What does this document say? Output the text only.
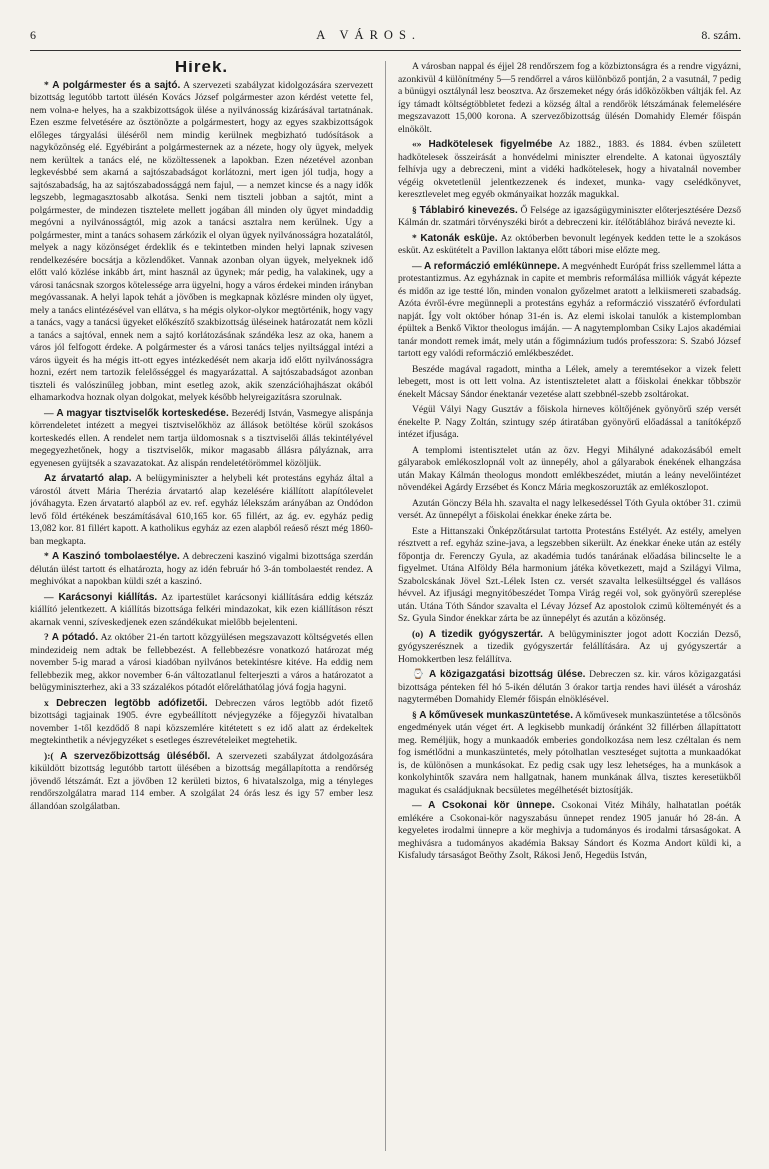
6	A VÁROS.	8. szám.
Hirek.

* A polgármester és a sajtó. A szervezeti szabályzat kidolgozására szervezett bizottság legutóbb tartott ülésén Kovács József polgármester azon kérdést vetette fel, nem volna-e helyes, ha a szakbizottságok ülése a nyilvánosság kizárásával tartatnának. Ezen eszme felvetésére az ösztönözte a polgármestert, hogy az egyes szakbizottságok előleges tárgyalási üléséről nem mindig kerülnek megbizható tudósítások a nagyközönség elé. Egyébiránt a polgármesternek az a nézete, hogy oly ügyek, melyek nem kerültek a tanács elé, ne közöltessenek a lapokban. Ezen nézetével azonban legkevésbbé sem akarná a sajtószabadságot korlátozni, mert igen jól tudja, hogy a sajtószabadság, ha az sajtószabadossággá nem fajul, — a nemzet kincse és a nagy idők legszebb, legmagasztosabb alkotása. Senki nem tiszteli jobban a sajtót, mint a polgármester, de mindezen tisztelete mellett jogában áll minden oly ügyet mindaddig megóvni a nyilvánosságtól, mig azok a tanácsi asztalra nem kerülnek. Ugy a polgármester, mint a tanács sohasem zárkózik el olyan ügyek nyilvánosságra hozatalától, melyek a nagy közönséget érdeklik és e tekintetben minden helyi lapnak szivesen rendelkezésére bocsátja a közlendőket. Vannak azonban olyan ügyek, melyeknek idő előtt való közlése inkább árt, mint használ az ügynek; már pedig, ha valakinek, ugy a városi tanácsnak szorgos kötelessége arra ügyelni, hogy a város érdekei minden irányban megóvassanak. A helyi lapok tehát a jövőben is megkapnak közlésre minden oly ügyet, mely a tanács elintézésével van ellátva, s ha mégis olykor-olykor megtörténik, hogy vagy a tanács, vagy a tanácsi ügyeket előkészítő szakbizottság üléseinek határozatát nem közli a tanács a sajtóval, ennek nem a sajtó korlátozásának szándéka lesz az oka, hanem a város jól felfogott érdeke. A polgármester és a városi tanács teljes nyiltsággal intézi a város ügyeit és ha mégis itt-ott egyes intézkedését nem akarja idő előtt nyilvánosságra hozni, ezért nem tartozik felelősséggel és magyarázattal. A sajtószabadságot azonban tiszteli és valószinűleg jobban, mint esetleg azok, akik szenzációhajhászat okából elhamarkodva hoznak olyan dolgokat, melyek később helyreigazításra szorulnak.

— A magyar tisztviselők korteskedése. Bezerédj István, Vasmegye alispánja körrendeletet intézett a megyei tisztviselőkhöz az állások betöltése körül szokásos korteskedés ellen. A rendelet nem tartja üldomosnak s a tisztviselői állás tekintélyével megegyezhetőnek, hogy a tisztviselők, mikor magasabb állásra pályáznak, arra egyenesen gyüjtsék a szavazatokat. Az alispán rendeletétörömmel közöljük.

Az árvatartó alap. A belügyminiszter a helybeli két protestáns egyház által a várostól átvett Mária Therézia árvatartó alap kezelésére kiállított alapítólevelet jóváhagyta. Ezen árvatartó alapból az ev. ref. egyház lélekszám arányában az Ondódon levő föld értékének beszámításával 610,165 kor. 65 fillért, az ág. ev. egyház pedig 13,082 kor. 81 fillért kapott. A katholikus egyház az ezen alapból reáeső részt még 1860-ban megkapta.

* A Kaszinó tombolaestélye. A debreczeni kaszinó vigalmi bizottsága szerdán délután ülést tartott és elhatározta, hogy az idén február hó 3-án tombolaestét rendez. A meghivókat a napokban küldi szét a kaszinó.

— Karácsonyi kiállítás. Az ipartestület karácsonyi kiállítására eddig kétszáz kiállító jelentkezett. A kiállítás bizottsága felkéri mindazokat, kik ezen kiállításon részt akarnak venni, szíveskedjenek ezen szándékukat mielőbb bejelenteni.

? A pótadó. Az október 21-én tartott közgyülésen megszavazott költségvetés ellen mindezideig nem adtak be fellebbezést. A fellebbezésre vonatkozó határozat még november 5-ig marad a városi kiadóban nyilvános betekintésre kitéve. Ha eddig nem fellebbezik meg, akkor november 6-án változatlanul felterjeszti a város a határozatot a belügyminiszterhez, aki a 33 százalékos pótadót előreláthatólag jóvá fogja hagyni.

x Debreczen legtöbb adófizetői. Debreczen város legtöbb adót fizető bizottsági tagjainak 1905. évre egybeállított névjegyzéke a főjegyzői hivatalban november 1-től kezdődő 8 napi közszemlére kitétetett s ez idő alatt az érdekeltek megtekinthetik a névjegyzéket s esetleges észrevételeiket megtehetik.

):( A szervezőbizottság üléséből. A szervezeti szabályzat átdolgozására kiküldött bizottság legutóbb tartott ülésében a bizottság megállapította a rendőrség jövendő létszámát. Ezt a jövőben 12 kerületi biztos, 6 hivatalszolga, mig a tényleges rendőrszolgálatra marad 114 ember. A szolgálat 24 órás lesz és igy 57 ember lesz állandóan szolgálatban.

A városban nappal és éjjel 28 rendőrszem fog a közbiztonságra és a rendre vigyázni, azonkivül 4 különítmény 5—5 rendőrrel a város különböző pontján, 2 a vasutnál, 7 pedig a bünügyi osztálynál lesz beosztva. Az őrszemeket négy órás időközökben váltják fel. Az így támadt költségtöbbletet fedezi a község által a rendőrök létszámának felemelésére megszavazott 15,000 korona. A szervezőbizottság ülésén Domahidy Elemér főispán elnökölt.

«» Hadkötelesek figyelmébe Az 1882., 1883. és 1884. évben született hadkötelesek összeirását a honvédelmi miniszter elrendelte. A katonai ügyosztály felhívja ugy a debreczeni, mint a vidéki hadkötelesek, hogy a hivatalnál november végéig okvetetlenül jelentkezzenek és indexet, munka- vagy cselédkönyvet, keresztlevelet meg egyéb okmányaikat hozzák magukkal.

§ Táblabiró kinevezés. Ő Felsége az igazságügyminiszter előterjesztésére Dezső Kálmán dr. szatmári törvényszéki birót a debreczeni kir. ítélőtáblához birává nevezte ki.

* Katonák esküje. Az októberben bevonult legények kedden tette le a szokásos esküt. Az eskütételt a Pavillon laktanya előtt tábori mise előzte meg.

— A reformáczió emlékünnepe. A megvénhedt Európát friss szellemmel látta a protestantizmus. Az egyháznak in capite et membris reformálása milliók vágyát képezte és midőn az ige testté lőn, minden vonalon győzelmet aratott a lelkiismereti szabadság. Azóta évről-évre megünnepli a protestáns egyház a reformáczió visszatérő évfordulati napját. Így volt október hónap 31-én is. Az elemi iskolai tanulók a kistemplomban épültek a Benkő Viktor theologus imáján. — A nagytemplomban Csiky Lajos akadémiai tanár mondott remek imát, mely után a főgimnázium tudós professzora: S. Szabó József tartott egy valódi reformáczió emlékbeszédet.

Beszéde magával ragadott, mintha a Lélek, amely a teremtésekor a vizek felett lebegett, most is ott lett volna. Az istentiszteletet alatt a főiskolai énekkar többször énekelt Mácsay Sándor énektanár vezetése alatt szebbnél-szebb zsoltárokat.

Végül Vályi Nagy Gusztáv a főiskola hirneves költőjének gyönyörű szép versét énekelte P. Nagy Zoltán, szintugy szép átiratában gyönyörű előadással a tanítóképző intézet ifjusága.

A templomi istentisztelet után az özv. Hegyi Mihályné adakozásából emelt gályarabok emlékoszlopnál volt az ünnepély, ahol a gályarabok énekének elhangzása után Makay Kálmán theologus mondott emlékbeszédet, miután a leány nevelőintézet növendékei Agárdy Erzsébet és Koncz Mária megkoszoruzták az emlékoszlopot.

Azután Gönczy Béla hh. szavalta el nagy lelkesedéssel Tóth Gyula október 31. czimü versét. Az ünnepélyt a főiskolai énekkar éneke zárta be.

Este a Hittanszaki Önképzőtársulat tartotta Protestáns Estélyét. Az estély, amelyen résztvett a ref. egyház szine-java, a legszebben sikerült. Az énekkar éneke után az estély főpontja dr. Ferenczy Gyula, az akadémia tudós tanárának előadása bilincselte le a figyelmet. Utána Alföldy Béla harmonium játéka következett, majd a Szilágyi Vilma, Szabolcskának Jövel Szt.-Lélek Isten cz. versét szavalta lelkesültséggel és vallásos hévvel. Az ifjusági megnyitóbeszédet Tompa Virág regéi vol, sok gyönyörű szereplése után. Utána Tóth Sándor szavalta el Lévay József Az apostolok czimü költeményét és a Sz. Gyula Sindor énekkar zárta be az ünnepélyt és azután a közönség.

(o) A tizedik gyógyszertár. A belügyminiszter jogot adott Koczián Dezső, gyógyszerésznek a tizedik gyógyszertár felállítására. Az uj gyógyszertár a Homokkertben lesz felállítva.

⌚ A közigazgatási bizottság ülése. Debreczen sz. kir. város közigazgatási bizottsága pénteken fél hó 5-ikén délután 3 órakor tartja rendes havi ülését a városház nagytermében Domahidy Elemér főispán elnöklésével.

§ A kőművesek munkaszüntetése. A kőművesek munkaszüntetése a tőlcsönös engedmények után véget ért. A legkisebb munkadíj óránként 32 fillérben állapíttatott meg. Reméljük, hogy a munkaadók emberies gondolkozása nem lesz czéltalan és nem fog ismétlődni a munkaszüntetés, mely pótolhatlan veszteséget sujtotta a munkaadókat is, de különösen a munkásokat. Ez pedig csak ugy lesz lehetséges, ha a munkások a konkolyhintők szavára nem hallgatnak, hanem munkának állva, tisztes keresetükből magukat és családjuknak becsületes megélhetését biztosítják.

— A Csokonai kör ünnepe. Csokonai Vitéz Mihály, halhatatlan poéták emlékére a Csokonai-kör nagyszabásu ünnepet rendez 1905 január hó 28-án. A kegyeletes irodalmi ünnepre a kör meghivja a tudományos és irodalmi társaságokat. A meghivásra a tudományos akadémia Baksay Sándort és Kozma Andort küldi ki, a Kisfaludy társaságot Beöthy Zsolt, Rákosi Jenő, Hegedüs István,
